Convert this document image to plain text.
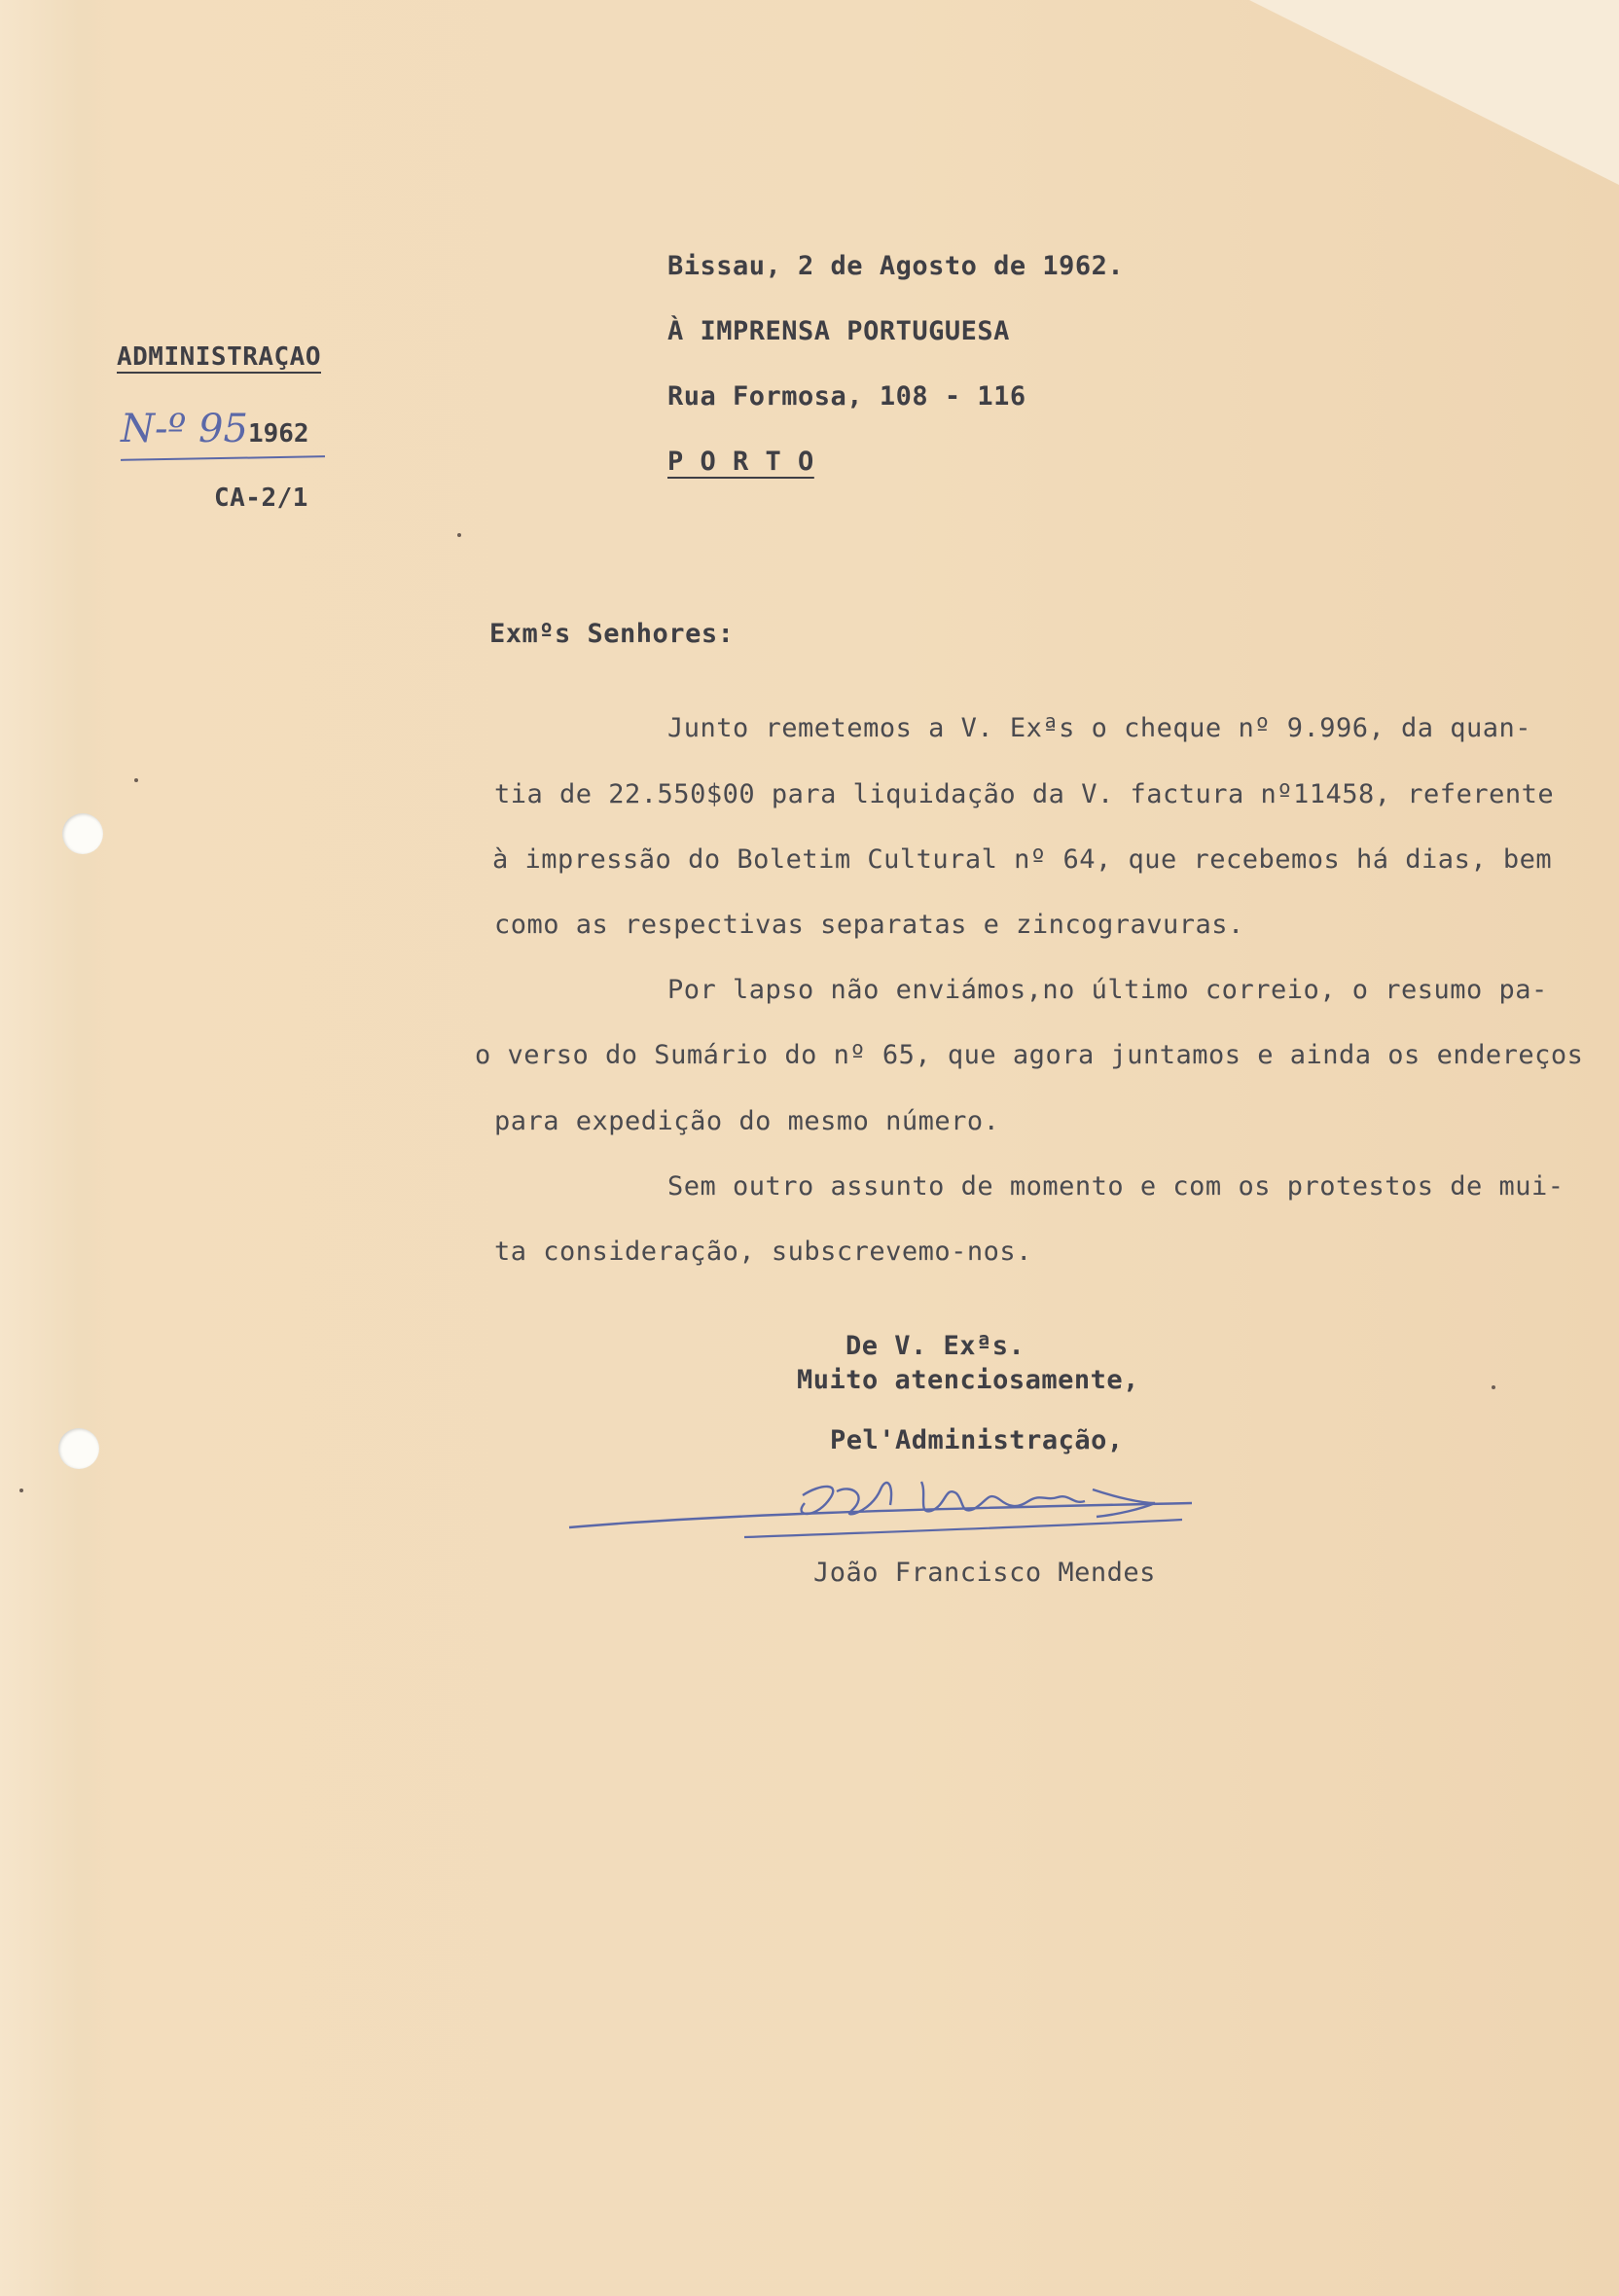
ADMINISTRAÇAO
N-º 951962
CA-2/1
Bissau, 2 de Agosto de 1962.
À IMPRENSA PORTUGUESA
Rua Formosa, 108 - 116
P O R T O
Exmºs Senhores:
Junto remetemos a V. Exªs o cheque nº 9.996, da quan-
tia de 22.550$00 para liquidação da V. factura nº11458, referente
à impressão do Boletim Cultural nº 64, que recebemos há dias, bem
como as respectivas separatas e zincogravuras.
Por lapso não enviámos,no último correio, o resumo pa-
o verso do Sumário do nº 65, que agora juntamos e ainda os endereços
para expedição do mesmo número.
Sem outro assunto de momento e com os protestos de mui-
ta consideração, subscrevemo-nos.
De V. Exªs.
Muito atenciosamente,
Pel'Administração,
João Francisco Mendes
